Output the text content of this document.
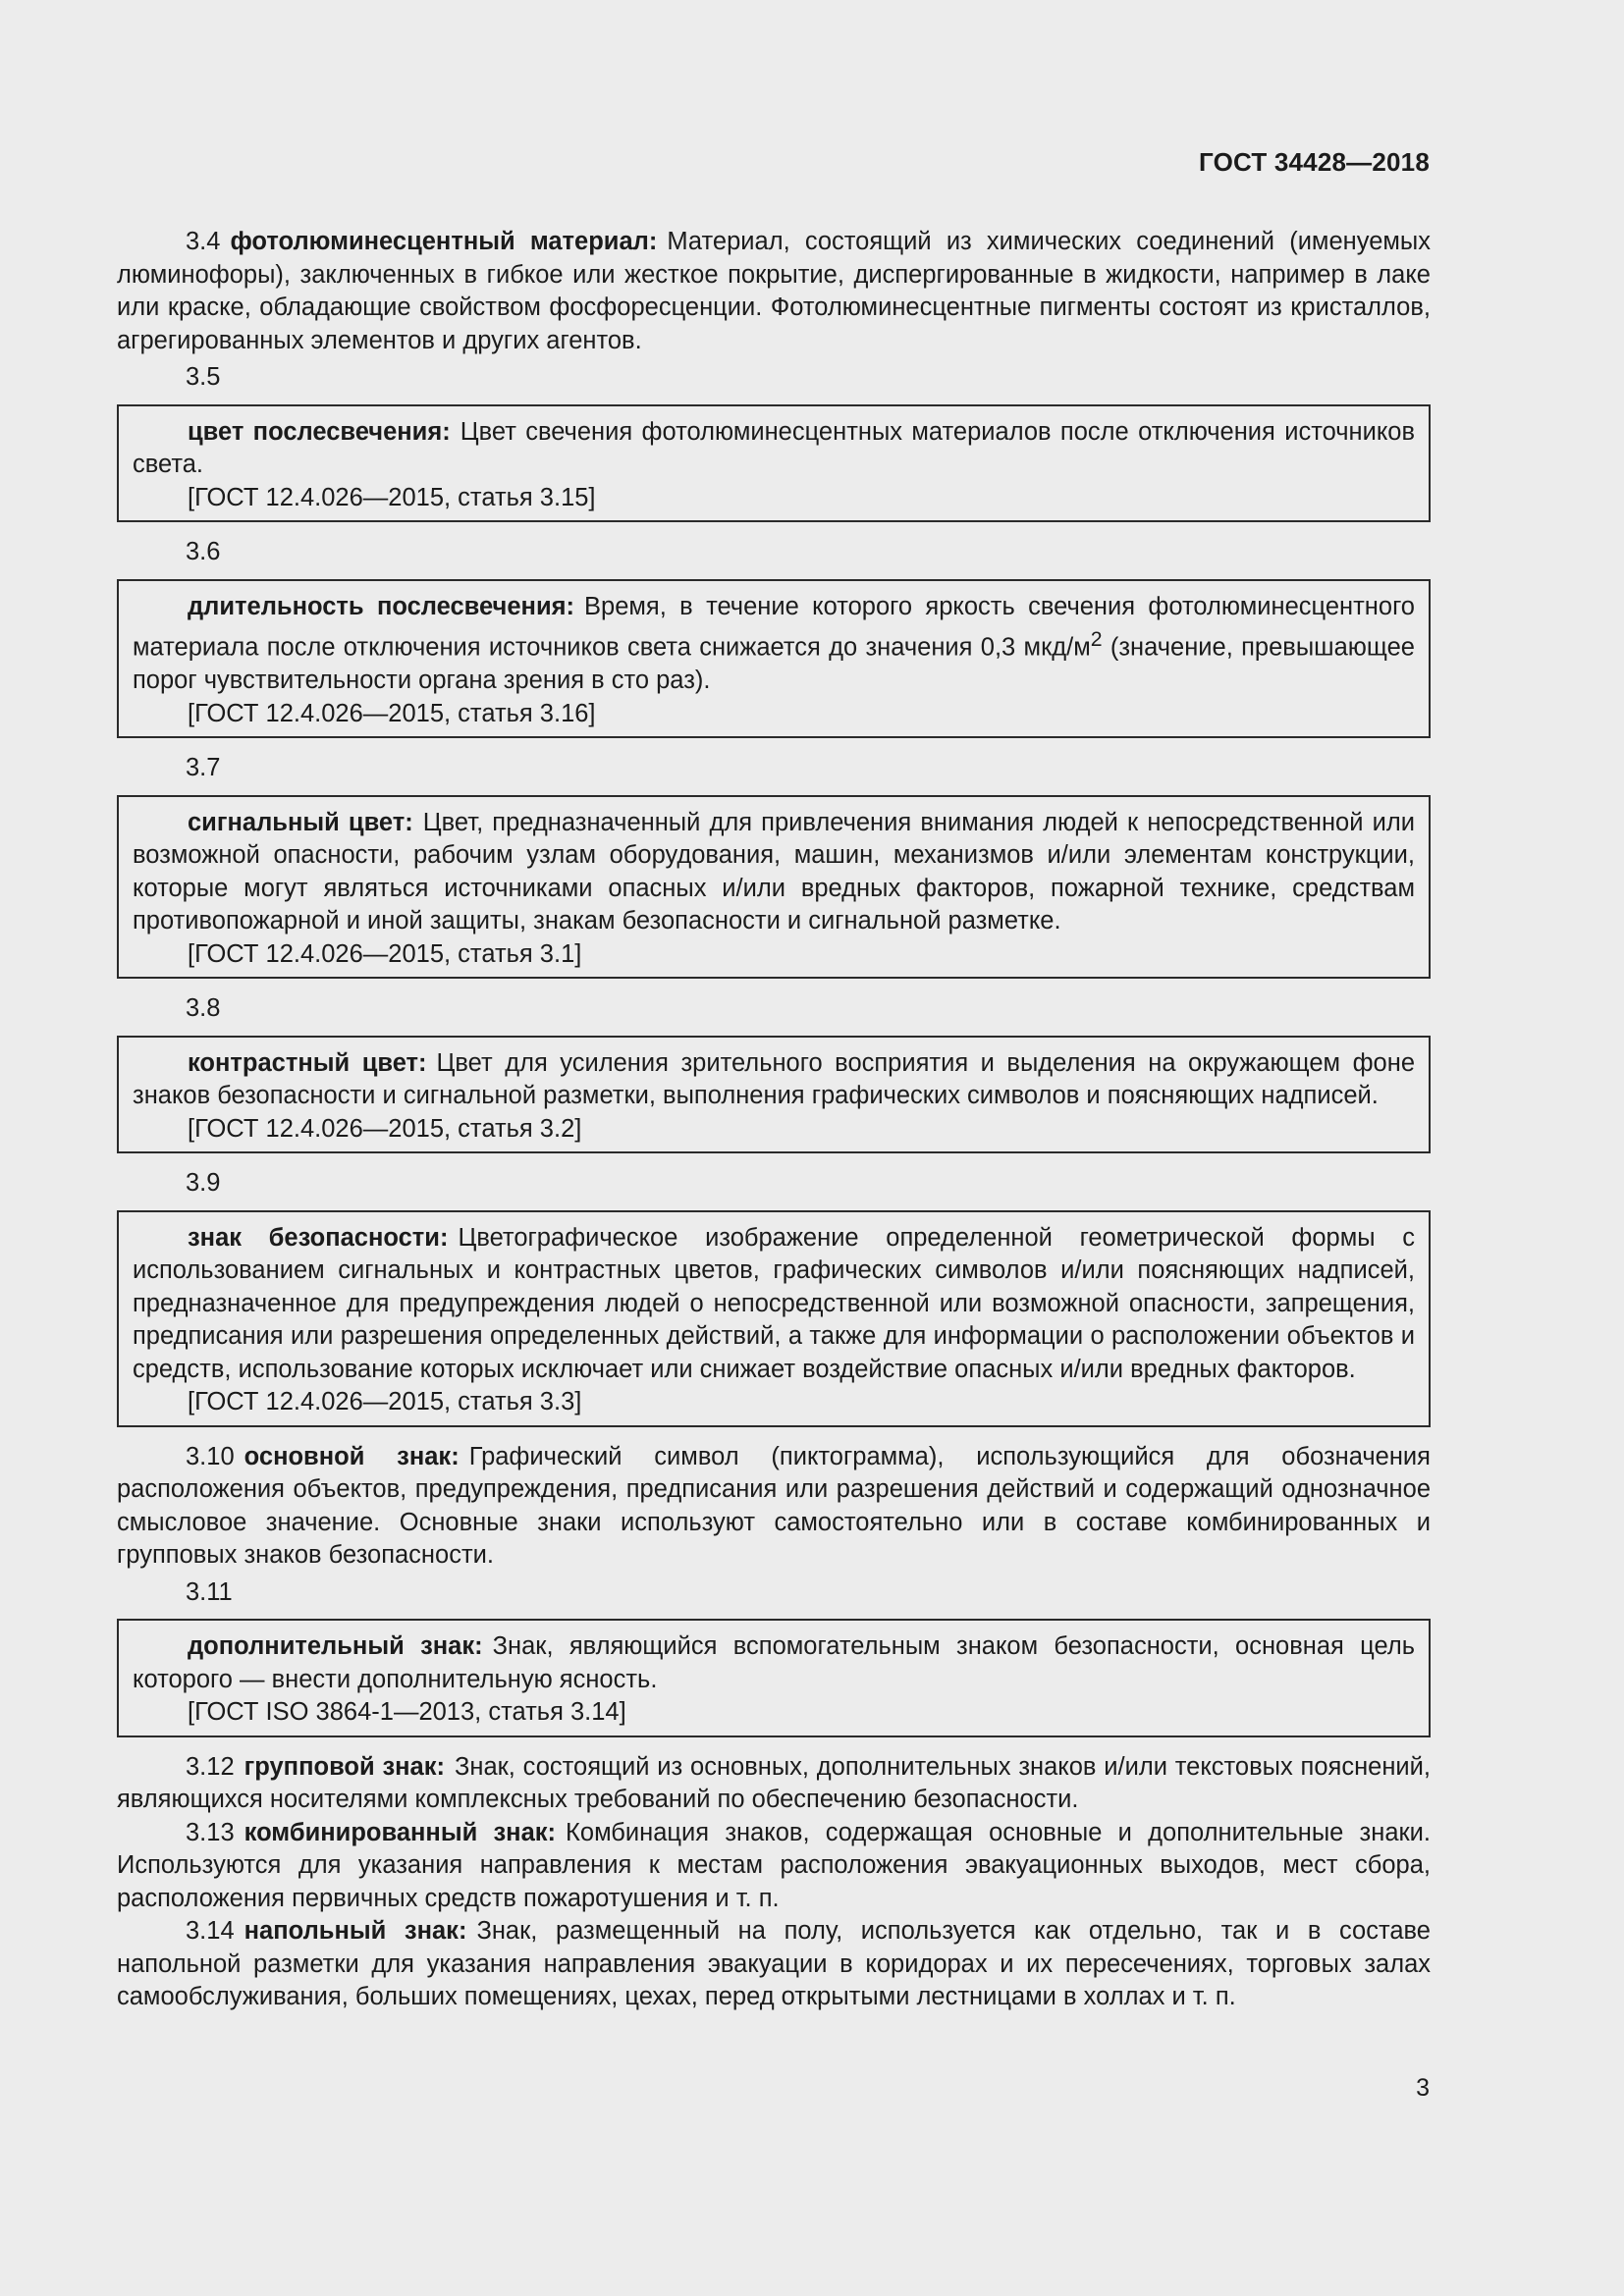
ГОСТ 34428—2018

3.4 фотолюминесцентный материал: Материал, состоящий из химических соединений (именуемых люминофоры), заключенных в гибкое или жесткое покрытие, диспергированные в жидкости, например в лаке или краске, обладающие свойством фосфоресценции. Фотолюминесцентные пигменты состоят из кристаллов, агрегированных элементов и других агентов.

3.5

цвет послесвечения: Цвет свечения фотолюминесцентных материалов после отключения источников света.

[ГОСТ 12.4.026—2015, статья 3.15]

3.6

длительность послесвечения: Время, в течение которого яркость свечения фотолюминесцентного материала после отключения источников света снижается до значения 0,3 мкд/$м^2$ (значение, превышающее порог чувствительности органа зрения в сто раз).

[ГОСТ 12.4.026—2015, статья 3.16]

3.7

сигнальный цвет: Цвет, предназначенный для привлечения внимания людей к непосредственной или возможной опасности, рабочим узлам оборудования, машин, механизмов и/или элементам конструкции, которые могут являться источниками опасных и/или вредных факторов, пожарной технике, средствам противопожарной и иной защиты, знакам безопасности и сигнальной разметке.

[ГОСТ 12.4.026—2015, статья 3.1]

3.8

контрастный цвет: Цвет для усиления зрительного восприятия и выделения на окружающем фоне знаков безопасности и сигнальной разметки, выполнения графических символов и поясняющих надписей.

[ГОСТ 12.4.026—2015, статья 3.2]

3.9

знак безопасности: Цветографическое изображение определенной геометрической формы с использованием сигнальных и контрастных цветов, графических символов и/или поясняющих надписей, предназначенное для предупреждения людей о непосредственной или возможной опасности, запрещения, предписания или разрешения определенных действий, а также для информации о расположении объектов и средств, использование которых исключает или снижает воздействие опасных и/или вредных факторов.

[ГОСТ 12.4.026—2015, статья 3.3]

3.10 основной знак: Графический символ (пиктограмма), использующийся для обозначения расположения объектов, предупреждения, предписания или разрешения действий и содержащий однозначное смысловое значение. Основные знаки используют самостоятельно или в составе комбинированных и групповых знаков безопасности.

3.11

дополнительный знак: Знак, являющийся вспомогательным знаком безопасности, основная цель которого — внести дополнительную ясность.

[ГОСТ ISO 3864-1—2013, статья 3.14]

3.12 групповой знак: Знак, состоящий из основных, дополнительных знаков и/или текстовых пояснений, являющихся носителями комплексных требований по обеспечению безопасности.

3.13 комбинированный знак: Комбинация знаков, содержащая основные и дополнительные знаки. Используются для указания направления к местам расположения эвакуационных выходов, мест сбора, расположения первичных средств пожаротушения и т. п.

3.14 напольный знак: Знак, размещенный на полу, используется как отдельно, так и в составе напольной разметки для указания направления эвакуации в коридорах и их пересечениях, торговых залах самообслуживания, больших помещениях, цехах, перед открытыми лестницами в холлах и т. п.

3
